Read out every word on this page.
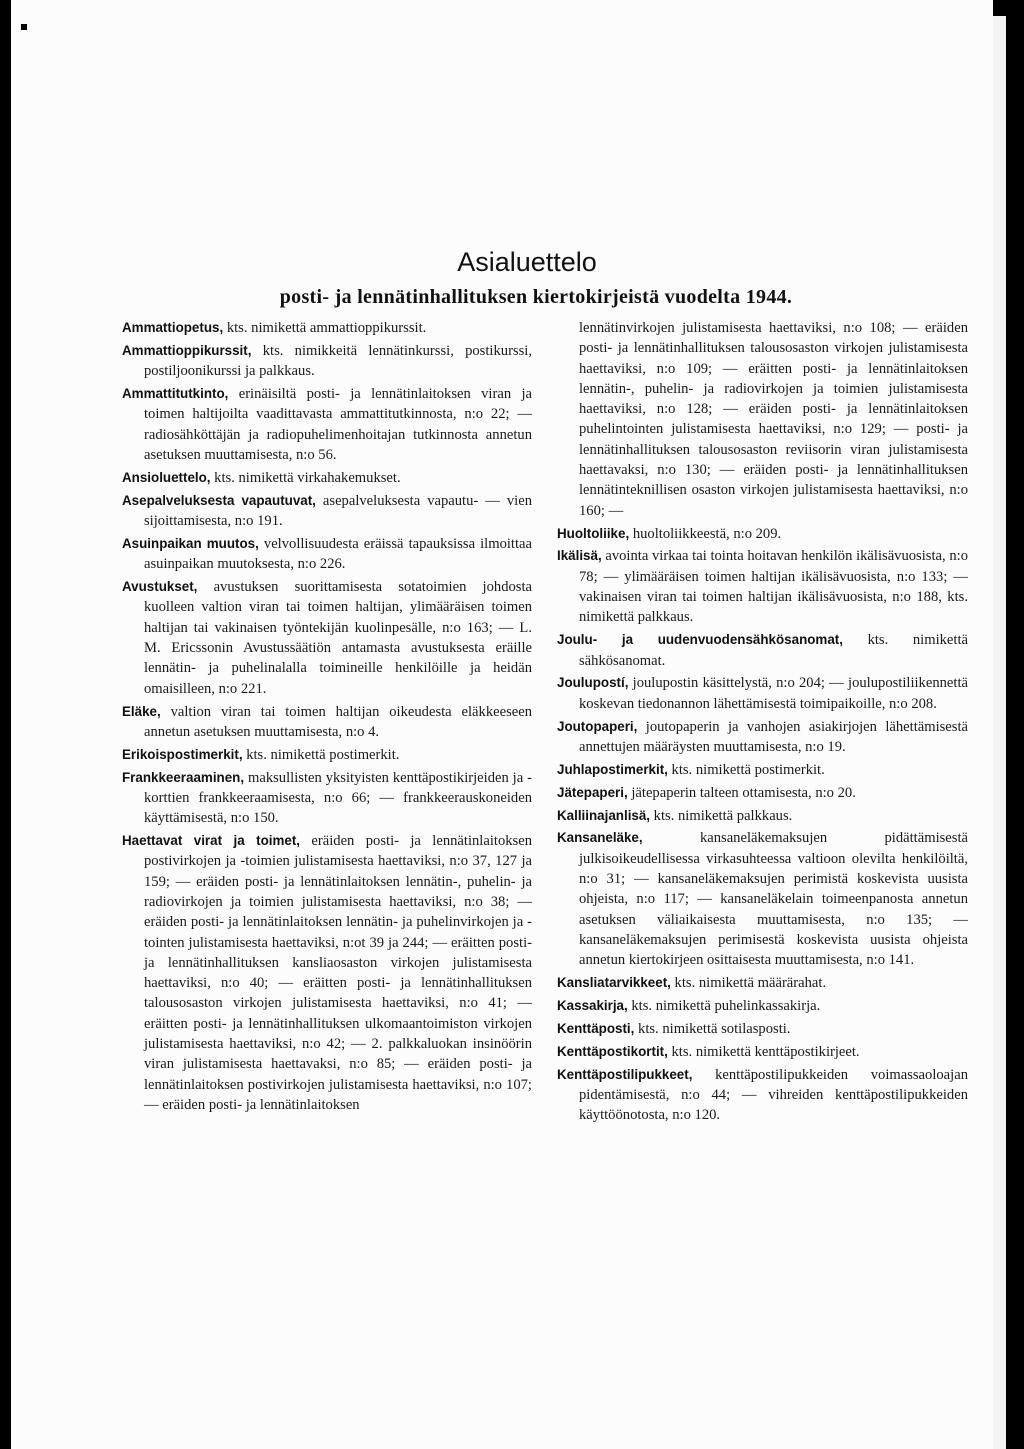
Asialuettelo
posti- ja lennätinhallituksen kiertokirjeistä vuodelta 1944.

Ammattiopetus, kts. nimikettä ammattioppikurssit.

Ammattioppikurssit, kts. nimikkeitä lennätinkurssi, postikurssi, postiljoonikurssi ja palkkaus.

Ammattitutkinto, erinäisiltä posti- ja lennätinlaitoksen viran ja toimen haltijoilta vaadittavasta ammattitutkinnosta, n:o 22; — radiosähköttäjän ja radiopuhelimenhoitajan tutkinnosta annetun asetuksen muuttamisesta, n:o 56.

Ansioluettelo, kts. nimikettä virkahakemukset.

Asepalveluksesta vapautuvat, asepalveluksesta vapautu- — vien sijoittamisesta, n:o 191.

Asuinpaikan muutos, velvollisuudesta eräissä tapauksissa ilmoittaa asuinpaikan muutoksesta, n:o 226.

Avustukset, avustuksen suorittamisesta sotatoimien johdosta kuolleen valtion viran tai toimen haltijan, ylimääräisen toimen haltijan tai vakinaisen työntekijän kuolinpesälle, n:o 163; — L. M. Ericssonin Avustussäätiön antamasta avustuksesta eräille lennätin- ja puhelinalalla toimineille henkilöille ja heidän omaisilleen, n:o 221.

Eläke, valtion viran tai toimen haltijan oikeudesta eläkkeeseen annetun asetuksen muuttamisesta, n:o 4.

Erikoispostimerkit, kts. nimikettä postimerkit.

Frankkeeraaminen, maksullisten yksityisten kenttäpostikirjeiden ja -korttien frankkeeraamisesta, n:o 66; — frankkeerauskoneiden käyttämisestä, n:o 150.

Haettavat virat ja toimet, eräiden posti- ja lennätinlaitoksen postivirkojen ja -toimien julistamisesta haettaviksi, n:o 37, 127 ja 159; — eräiden posti- ja lennätinlaitoksen lennätin-, puhelin- ja radiovirkojen ja toimien julistamisesta haettaviksi, n:o 38; — eräiden posti- ja lennätinlaitoksen lennätin- ja puhelinvirkojen ja -tointen julistamisesta haettaviksi, n:ot 39 ja 244; — eräitten posti- ja lennätinhallituksen kansliaosaston virkojen julistamisesta haettaviksi, n:o 40; — eräitten posti- ja lennätinhallituksen talousosaston virkojen julistamisesta haettaviksi, n:o 41; — eräitten posti- ja lennätinhallituksen ulkomaantoimiston virkojen julistamisesta haettaviksi, n:o 42; — 2. palkkaluokan insinöörin viran julistamisesta haettavaksi, n:o 85; — eräiden posti- ja lennätinlaitoksen postivirkojen julistamisesta haettaviksi, n:o 107; — eräiden posti- ja lennätinlaitoksen

lennätinvirkojen julistamisesta haettaviksi, n:o 108; — eräiden posti- ja lennätinhallituksen talousosaston virkojen julistamisesta haettaviksi, n:o 109; — eräitten posti- ja lennätinlaitoksen lennätin-, puhelin- ja radiovirkojen ja toimien julistamisesta haettaviksi, n:o 128; — eräiden posti- ja lennätinlaitoksen puhelintointen julistamisesta haettaviksi, n:o 129; — posti- ja lennätinhallituksen talousosaston reviisorin viran julistamisesta haettavaksi, n:o 130; — eräiden posti- ja lennätinhallituksen lennätinteknillisen osaston virkojen julistamisesta haettaviksi, n:o 160; —

Huoltoliike, huoltoliikkeestä, n:o 209.

Ikälisä, avointa virkaa tai tointa hoitavan henkilön ikälisävuosista, n:o 78; — ylimääräisen toimen haltijan ikälisävuosista, n:o 133; — vakinaisen viran tai toimen haltijan ikälisävuosista, n:o 188, kts. nimikettä palkkaus.

Joulu- ja uudenvuodensähkösanomat, kts. nimikettä sähkösanomat.

Joulupostí, joulupostin käsittelystä, n:o 204; — joulupostiliikennettä koskevan tiedonannon lähettämisestä toimipaikoille, n:o 208.

Joutopaperi, joutopaperin ja vanhojen asiakirjojen lähettämisestä annettujen määräysten muuttamisesta, n:o 19.

Juhlapostimerkit, kts. nimikettä postimerkit.

Jätepaperi, jätepaperin talteen ottamisesta, n:o 20.

Kalliinajanlisä, kts. nimikettä palkkaus.

Kansaneläke, kansaneläkemaksujen pidättämisestä julkisoikeudellisessa virkasuhteessa valtioon olevilta henkilöiltä, n:o 31; — kansaneläkemaksujen perimistä koskevista uusista ohjeista, n:o 117; — kansaneläkelain toimeenpanosta annetun asetuksen väliaikaisesta muuttamisesta, n:o 135; — kansaneläkemaksujen perimisestä koskevista uusista ohjeista annetun kiertokirjeen osittaisesta muuttamisesta, n:o 141.

Kansliatarvikkeet, kts. nimikettä määrärahat.

Kassakirja, kts. nimikettä puhelinkassakirja.

Kenttäposti, kts. nimikettä sotilasposti.

Kenttäpostikortit, kts. nimikettä kenttäpostikirjeet.

Kenttäpostilipukkeet, kenttäpostilipukkeiden voimassaoloajan pidentämisestä, n:o 44; — vihreiden kenttäpostilipukkeiden käyttöönotosta, n:o 120.
